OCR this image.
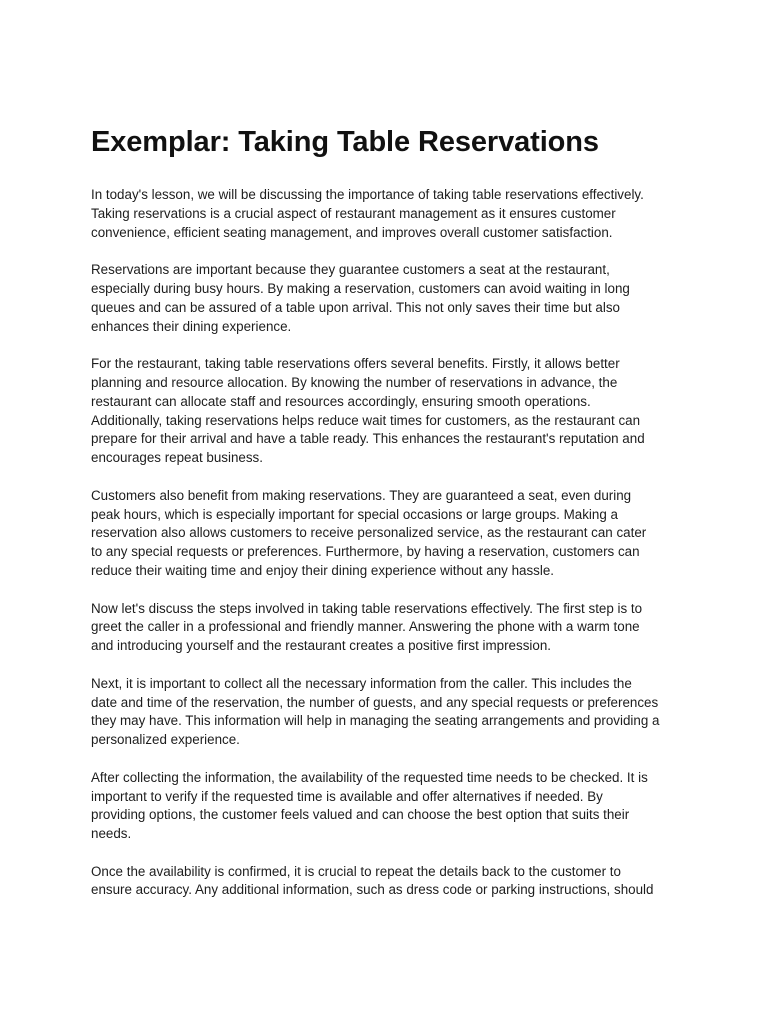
Exemplar: Taking Table Reservations

In today's lesson, we will be discussing the importance of taking table reservations effectively.
Taking reservations is a crucial aspect of restaurant management as it ensures customer
convenience, efficient seating management, and improves overall customer satisfaction.

Reservations are important because they guarantee customers a seat at the restaurant,
especially during busy hours. By making a reservation, customers can avoid waiting in long
queues and can be assured of a table upon arrival. This not only saves their time but also
enhances their dining experience.

For the restaurant, taking table reservations offers several benefits. Firstly, it allows better
planning and resource allocation. By knowing the number of reservations in advance, the
restaurant can allocate staff and resources accordingly, ensuring smooth operations.
Additionally, taking reservations helps reduce wait times for customers, as the restaurant can
prepare for their arrival and have a table ready. This enhances the restaurant's reputation and
encourages repeat business.

Customers also benefit from making reservations. They are guaranteed a seat, even during
peak hours, which is especially important for special occasions or large groups. Making a
reservation also allows customers to receive personalized service, as the restaurant can cater
to any special requests or preferences. Furthermore, by having a reservation, customers can
reduce their waiting time and enjoy their dining experience without any hassle.

Now let's discuss the steps involved in taking table reservations effectively. The first step is to
greet the caller in a professional and friendly manner. Answering the phone with a warm tone
and introducing yourself and the restaurant creates a positive first impression.

Next, it is important to collect all the necessary information from the caller. This includes the
date and time of the reservation, the number of guests, and any special requests or preferences
they may have. This information will help in managing the seating arrangements and providing a
personalized experience.

After collecting the information, the availability of the requested time needs to be checked. It is
important to verify if the requested time is available and offer alternatives if needed. By
providing options, the customer feels valued and can choose the best option that suits their
needs.

Once the availability is confirmed, it is crucial to repeat the details back to the customer to
ensure accuracy. Any additional information, such as dress code or parking instructions, should
